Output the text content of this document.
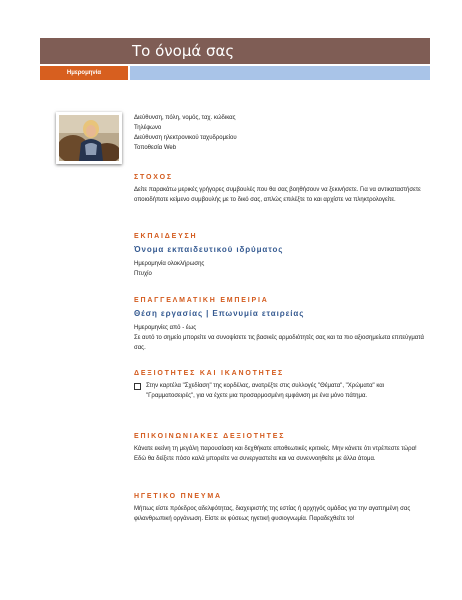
Το όνομά σας
Ημερομηνία
Διεύθυνση, πόλη, νομός, ταχ. κώδικας
Τηλέφωνο
Διεύθυνση ηλεκτρονικού ταχυδρομείου
Τοποθεσία Web
ΣΤΟΧΟΣ
Δείτε παρακάτω μερικές γρήγορες συμβουλές που θα σας βοηθήσουν να ξεκινήσετε. Για να αντικαταστήσετε οποιοδήποτε κείμενο συμβουλής με το δικό σας, απλώς επιλέξτε το και αρχίστε να πληκτρολογείτε.
ΕΚΠΑΙΔΕΥΣΗ
Όνομα εκπαιδευτικού ιδρύματος
Ημερομηνία ολοκλήρωσης
Πτυχίο
ΕΠΑΓΓΕΛΜΑΤΙΚΗ ΕΜΠΕΙΡΙΑ
Θέση εργασίας | Επωνυμία εταιρείας
Ημερομηνίες από - έως
Σε αυτό το σημείο μπορείτε να συνοψίσετε τις βασικές αρμοδιότητές σας και τα πιο αξιοσημείωτα επιτεύγματά σας.
ΔΕΞΙΟΤΗΤΕΣ ΚΑΙ ΙΚΑΝΟΤΗΤΕΣ
Στην καρτέλα "Σχεδίαση" της κορδέλας, ανατρέξτε στις συλλογές "Θέματα", "Χρώματα" και "Γραμματοσειρές", για να έχετε μια προσαρμοσμένη εμφάνιση με ένα μόνο πάτημα.
ΕΠΙΚΟΙΝΩΝΙΑΚΕΣ ΔΕΞΙΟΤΗΤΕΣ
Κάνατε εκείνη τη μεγάλη παρουσίαση και δεχθήκατε αποθεωτικές κριτικές. Μην κάνετε ότι ντρέπεστε τώρα! Εδώ θα δείξετε πόσο καλά μπορείτε να συνεργαστείτε και να συνεννοηθείτε με άλλα άτομα.
ΗΓΕΤΙΚΟ ΠΝΕΥΜΑ
Μήπως είστε πρόεδρος αδελφότητας, διαχειριστής της εστίας ή αρχηγός ομάδας για την αγαπημένη σας φιλανθρωπική οργάνωση. Είστε εκ φύσεως ηγετική φυσιογνωμία. Παραδεχθείτε το!
